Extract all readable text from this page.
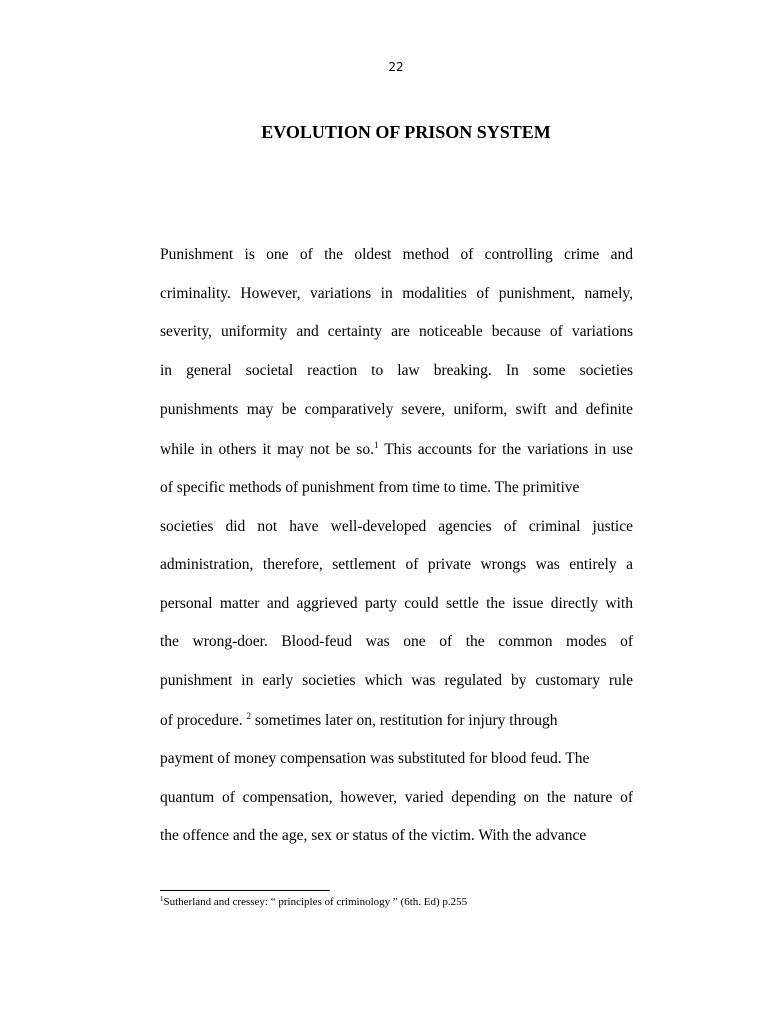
22
EVOLUTION OF PRISON SYSTEM
Punishment is one of the oldest method of controlling crime and
criminality. However, variations in modalities of punishment, namely,
severity, uniformity and certainty are noticeable because of variations
in general societal reaction to law breaking. In some societies
punishments may be comparatively severe, uniform, swift and definite
while in others it may not be so.$^1$ This accounts for the variations in use
of specific methods of punishment from time to time. The primitive
societies did not have well-developed agencies of criminal justice
administration, therefore, settlement of private wrongs was entirely a
personal matter and aggrieved party could settle the issue directly with
the wrong-doer. Blood-feud was one of the common modes of
punishment in early societies which was regulated by customary rule
of procedure. $^2$ sometimes later on, restitution for injury through
payment of money compensation was substituted for blood feud. The
quantum of compensation, however, varied depending on the nature of
the offence and the age, sex or status of the victim. With the advance
$^1$Sutherland and cressey: “ principles of criminology ” (6th. Ed) p.255
